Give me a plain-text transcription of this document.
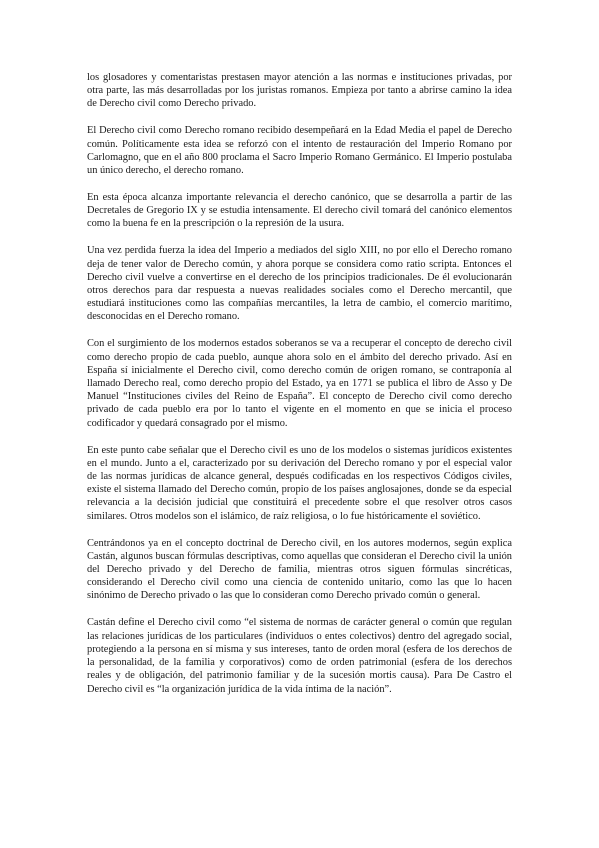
los glosadores y comentaristas prestasen mayor atención a las normas e instituciones privadas, por otra parte, las más desarrolladas por los juristas romanos. Empieza por tanto a abrirse camino la idea de Derecho civil como Derecho privado.

El Derecho civil como Derecho romano recibido desempeñará en la Edad Media el papel de Derecho común. Políticamente esta idea se reforzó con el intento de restauración del Imperio Romano por Carlomagno, que en el año 800 proclama el Sacro Imperio Romano Germánico. El Imperio postulaba un único derecho, el derecho romano.

En esta época alcanza importante relevancia el derecho canónico, que se desarrolla a partir de las Decretales de Gregorio IX y se estudia intensamente. El derecho civil tomará del canónico elementos como la buena fe en la prescripción o la represión de la usura.

Una vez perdida fuerza la idea del Imperio a mediados del siglo XIII, no por ello el Derecho romano deja de tener valor de Derecho común, y ahora porque se considera como ratio scripta. Entonces el Derecho civil vuelve a convertirse en el derecho de los principios tradicionales. De él evolucionarán otros derechos para dar respuesta a nuevas realidades sociales como el Derecho mercantil, que estudiará instituciones como las compañías mercantiles, la letra de cambio, el comercio marítimo, desconocidas en el Derecho romano.

Con el surgimiento de los modernos estados soberanos se va a recuperar el concepto de derecho civil como derecho propio de cada pueblo, aunque ahora solo en el ámbito del derecho privado. Así en España sí inicialmente el Derecho civil, como derecho común de origen romano, se contraponía al llamado Derecho real, como derecho propio del Estado, ya en 1771 se publica el libro de Asso y De Manuel “Instituciones civiles del Reino de España”. El concepto de Derecho civil como derecho privado de cada pueblo era por lo tanto el vigente en el momento en que se inicia el proceso codificador y quedará consagrado por el mismo.

En este punto cabe señalar que el Derecho civil es uno de los modelos o sistemas jurídicos existentes en el mundo. Junto a el, caracterizado por su derivación del Derecho romano y por el especial valor de las normas jurídicas de alcance general, después codificadas en los respectivos Códigos civiles, existe el sistema llamado del Derecho común, propio de los países anglosajones, donde se da especial relevancia a la decisión judicial que constituirá el precedente sobre el que resolver otros casos similares. Otros modelos son el islámico, de raíz religiosa, o lo fue históricamente el soviético.

Centrándonos ya en el concepto doctrinal de Derecho civil, en los autores modernos, según explica Castán, algunos buscan fórmulas descriptivas, como aquellas que consideran el Derecho civil la unión del Derecho privado y del Derecho de familia, mientras otros siguen fórmulas sincréticas, considerando el Derecho civil como una ciencia de contenido unitario, como las que lo hacen sinónimo de Derecho privado o las que lo consideran como Derecho privado común o general.

Castán define el Derecho civil como “el sistema de normas de carácter general o común que regulan las relaciones jurídicas de los particulares (individuos o entes colectivos) dentro del agregado social, protegiendo a la persona en sí misma y sus intereses, tanto de orden moral (esfera de los derechos de la personalidad, de la familia y corporativos) como de orden patrimonial (esfera de los derechos reales y de obligación, del patrimonio familiar y de la sucesión mortis causa). Para De Castro el Derecho civil es “la organización jurídica de la vida íntima de la nación”.
